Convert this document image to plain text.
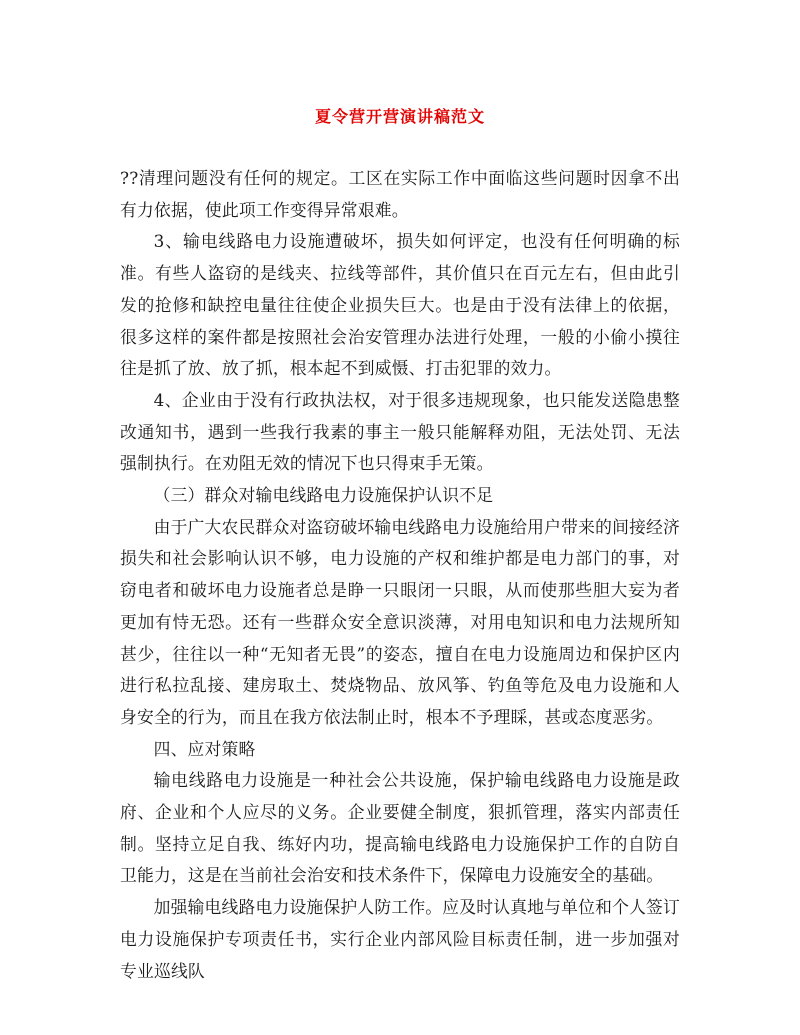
夏令营开营演讲稿范文

??清理问题没有任何的规定。工区在实际工作中面临这些问题时因拿不出有力依据，使此项工作变得异常艰难。

3、输电线路电力设施遭破坏，损失如何评定，也没有任何明确的标准。有些人盗窃的是线夹、拉线等部件，其价值只在百元左右，但由此引发的抢修和缺控电量往往使企业损失巨大。也是由于没有法律上的依据，很多这样的案件都是按照社会治安管理办法进行处理，一般的小偷小摸往往是抓了放、放了抓，根本起不到威慑、打击犯罪的效力。

4、企业由于没有行政执法权，对于很多违规现象，也只能发送隐患整改通知书，遇到一些我行我素的事主一般只能解释劝阻，无法处罚、无法强制执行。在劝阻无效的情况下也只得束手无策。

（三）群众对输电线路电力设施保护认识不足

由于广大农民群众对盗窃破坏输电线路电力设施给用户带来的间接经济损失和社会影响认识不够，电力设施的产权和维护都是电力部门的事，对窃电者和破坏电力设施者总是睁一只眼闭一只眼，从而使那些胆大妄为者更加有恃无恐。还有一些群众安全意识淡薄，对用电知识和电力法规所知甚少，往往以一种“无知者无畏”的姿态，擅自在电力设施周边和保护区内进行私拉乱接、建房取土、焚烧物品、放风筝、钓鱼等危及电力设施和人身安全的行为，而且在我方依法制止时，根本不予理睬，甚或态度恶劣。

四、应对策略

输电线路电力设施是一种社会公共设施，保护输电线路电力设施是政府、企业和个人应尽的义务。企业要健全制度，狠抓管理，落实内部责任制。坚持立足自我、练好内功，提高输电线路电力设施保护工作的自防自卫能力，这是在当前社会治安和技术条件下，保障电力设施安全的基础。

加强输电线路电力设施保护人防工作。应及时认真地与单位和个人签订电力设施保护专项责任书，实行企业内部风险目标责任制，进一步加强对专业巡线队
